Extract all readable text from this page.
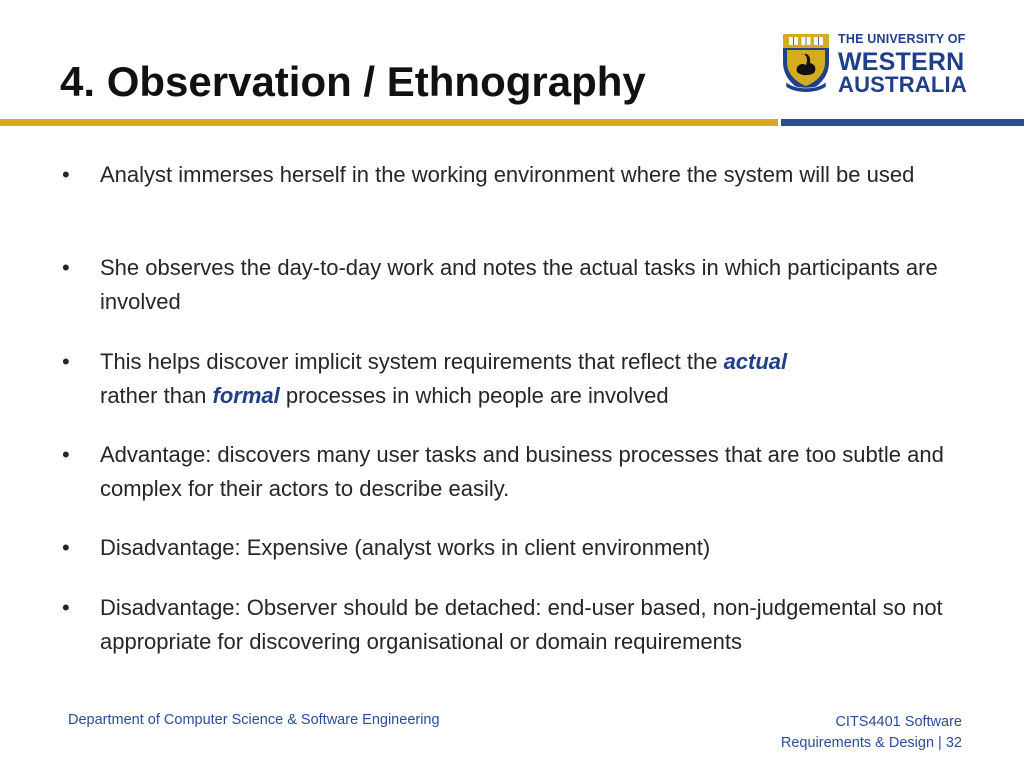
4. Observation / Ethnography
THE UNIVERSITY OF
WESTERN
AUSTRALIA
• Analyst immerses herself in the working environment where the system will be used
• She observes the day-to-day work and notes the actual tasks in which participants are involved
• This helps discover implicit system requirements that reflect the actual
rather than formal processes in which people are involved
• Advantage: discovers many user tasks and business processes that are too subtle and complex for their actors to describe easily.
• Disadvantage: Expensive (analyst works in client environment)
• Disadvantage: Observer should be detached: end-user based, non-judgemental so not appropriate for discovering organisational or domain requirements
Department of Computer Science & Software Engineering	CITS4401 Software
Requirements & Design | 32
